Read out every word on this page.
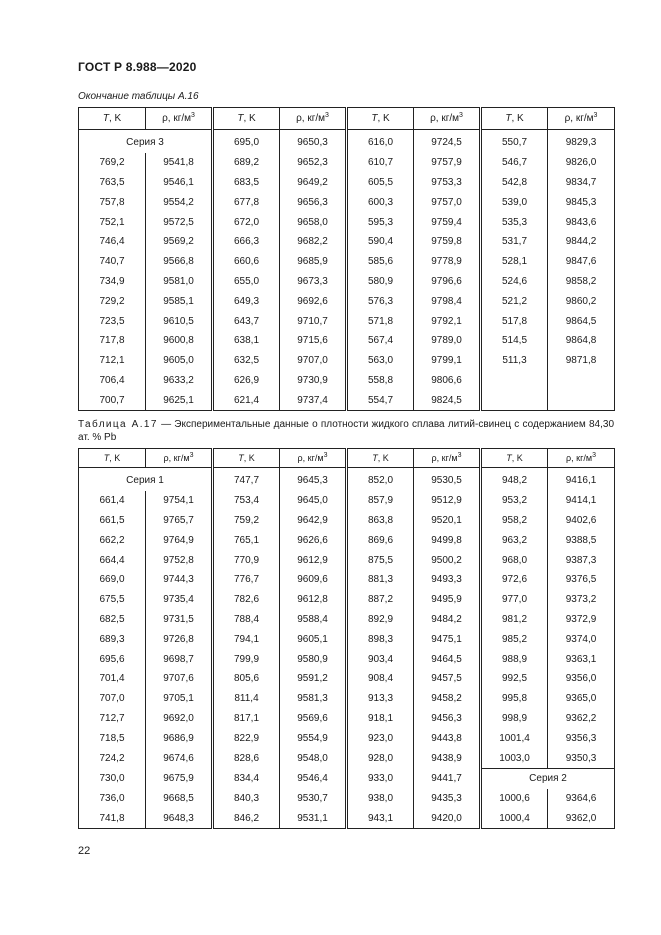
ГОСТ Р 8.988—2020
Окончание таблицы А.16
T, K	ρ, $кг/м^3$	T, K	ρ, $кг/м^3$	T, K	ρ, $кг/м^3$	T, K	ρ, $кг/м^3$
Серия 3		695,0	9650,3	616,0	9724,5	550,7	9829,3
769,2	9541,8	689,2	9652,3	610,7	9757,9	546,7	9826,0
763,5	9546,1	683,5	9649,2	605,5	9753,3	542,8	9834,7
757,8	9554,2	677,8	9656,3	600,3	9757,0	539,0	9845,3
752,1	9572,5	672,0	9658,0	595,3	9759,4	535,3	9843,6
746,4	9569,2	666,3	9682,2	590,4	9759,8	531,7	9844,2
740,7	9566,8	660,6	9685,9	585,6	9778,9	528,1	9847,6
734,9	9581,0	655,0	9673,3	580,9	9796,6	524,6	9858,2
729,2	9585,1	649,3	9692,6	576,3	9798,4	521,2	9860,2
723,5	9610,5	643,7	9710,7	571,8	9792,1	517,8	9864,5
717,8	9600,8	638,1	9715,6	567,4	9789,0	514,5	9864,8
712,1	9605,0	632,5	9707,0	563,0	9799,1	511,3	9871,8
706,4	9633,2	626,9	9730,9	558,8	9806,6		
700,7	9625,1	621,4	9737,4	554,7	9824,5		
Таблица А.17 — Экспериментальные данные о плотности жидкого сплава литий-свинец с содержанием 84,30 ат. % Pb
T, K	ρ, $кг/м^3$	T, K	ρ, $кг/м^3$	T, K	ρ, $кг/м^3$	T, K	ρ, $кг/м^3$
Серия 1		747,7	9645,3	852,0	9530,5	948,2	9416,1
661,4	9754,1	753,4	9645,0	857,9	9512,9	953,2	9414,1
661,5	9765,7	759,2	9642,9	863,8	9520,1	958,2	9402,6
662,2	9764,9	765,1	9626,6	869,6	9499,8	963,2	9388,5
664,4	9752,8	770,9	9612,9	875,5	9500,2	968,0	9387,3
669,0	9744,3	776,7	9609,6	881,3	9493,3	972,6	9376,5
675,5	9735,4	782,6	9612,8	887,2	9495,9	977,0	9373,2
682,5	9731,5	788,4	9588,4	892,9	9484,2	981,2	9372,9
689,3	9726,8	794,1	9605,1	898,3	9475,1	985,2	9374,0
695,6	9698,7	799,9	9580,9	903,4	9464,5	988,9	9363,1
701,4	9707,6	805,6	9591,2	908,4	9457,5	992,5	9356,0
707,0	9705,1	811,4	9581,3	913,3	9458,2	995,8	9365,0
712,7	9692,0	817,1	9569,6	918,1	9456,3	998,9	9362,2
718,5	9686,9	822,9	9554,9	923,0	9443,8	1001,4	9356,3
724,2	9674,6	828,6	9548,0	928,0	9438,9	1003,0	9350,3
730,0	9675,9	834,4	9546,4	933,0	9441,7	Серия 2	
736,0	9668,5	840,3	9530,7	938,0	9435,3	1000,6	9364,6
741,8	9648,3	846,2	9531,1	943,1	9420,0	1000,4	9362,0
22
